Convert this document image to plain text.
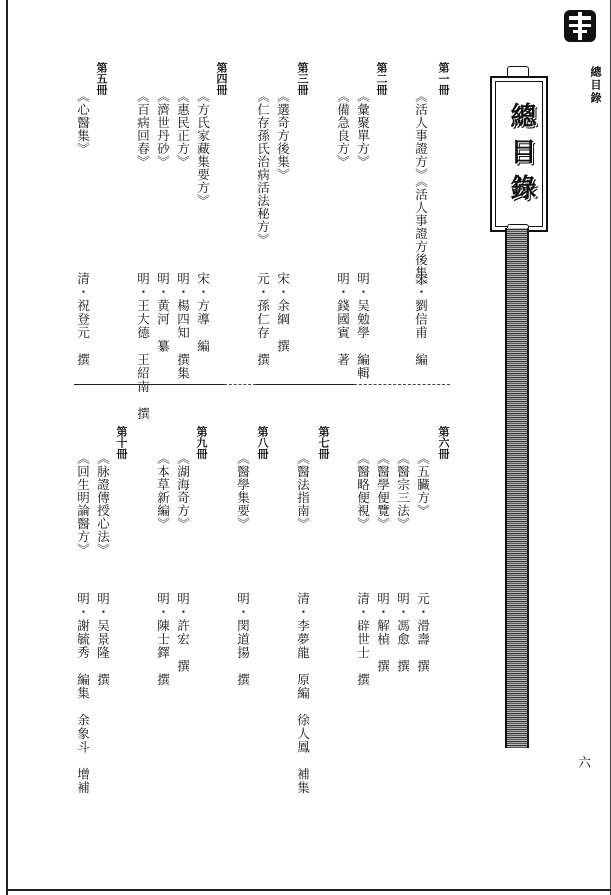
總目錄
總目錄
第一冊
《活人事證方》《活人事證方後集》
宋・劉信甫　編
第二冊
《彙聚單方》
明・吴勉學　編輯
《備急良方》
明・錢國賓　著
第三冊
《選奇方後集》
宋・余綱　撰
《仁存孫氏治病活法秘方》
元・孫仁存　撰
第四冊
《方氏家藏集要方》
宋・方導　編
《惠民正方》
明・楊四知　撰集
《濟世丹砂》
明・黄河　纂
《百病回春》
明・王大德　王紹南　撰
第五冊
《心醫集》
清・祝登元　撰
第六冊
《五臟方》
元・滑壽　撰
《醫宗三法》
明・馮愈　撰
《醫學便覽》
明・解楨　撰
《醫略便視》
清・辟世士　撰
第七冊
《醫法指南》
清・李夢龍　原編　徐人鳳　補集
第八冊
《醫學集要》
明・閔道揚　撰
第九冊
《湖海奇方》
明・許宏　撰
《本草新編》
明・陳士鐸　撰
第十冊
《脉證傳授心法》
明・吴景隆　撰
《回生明論醫方》
明・謝毓秀　編集　余象斗　增補	六
